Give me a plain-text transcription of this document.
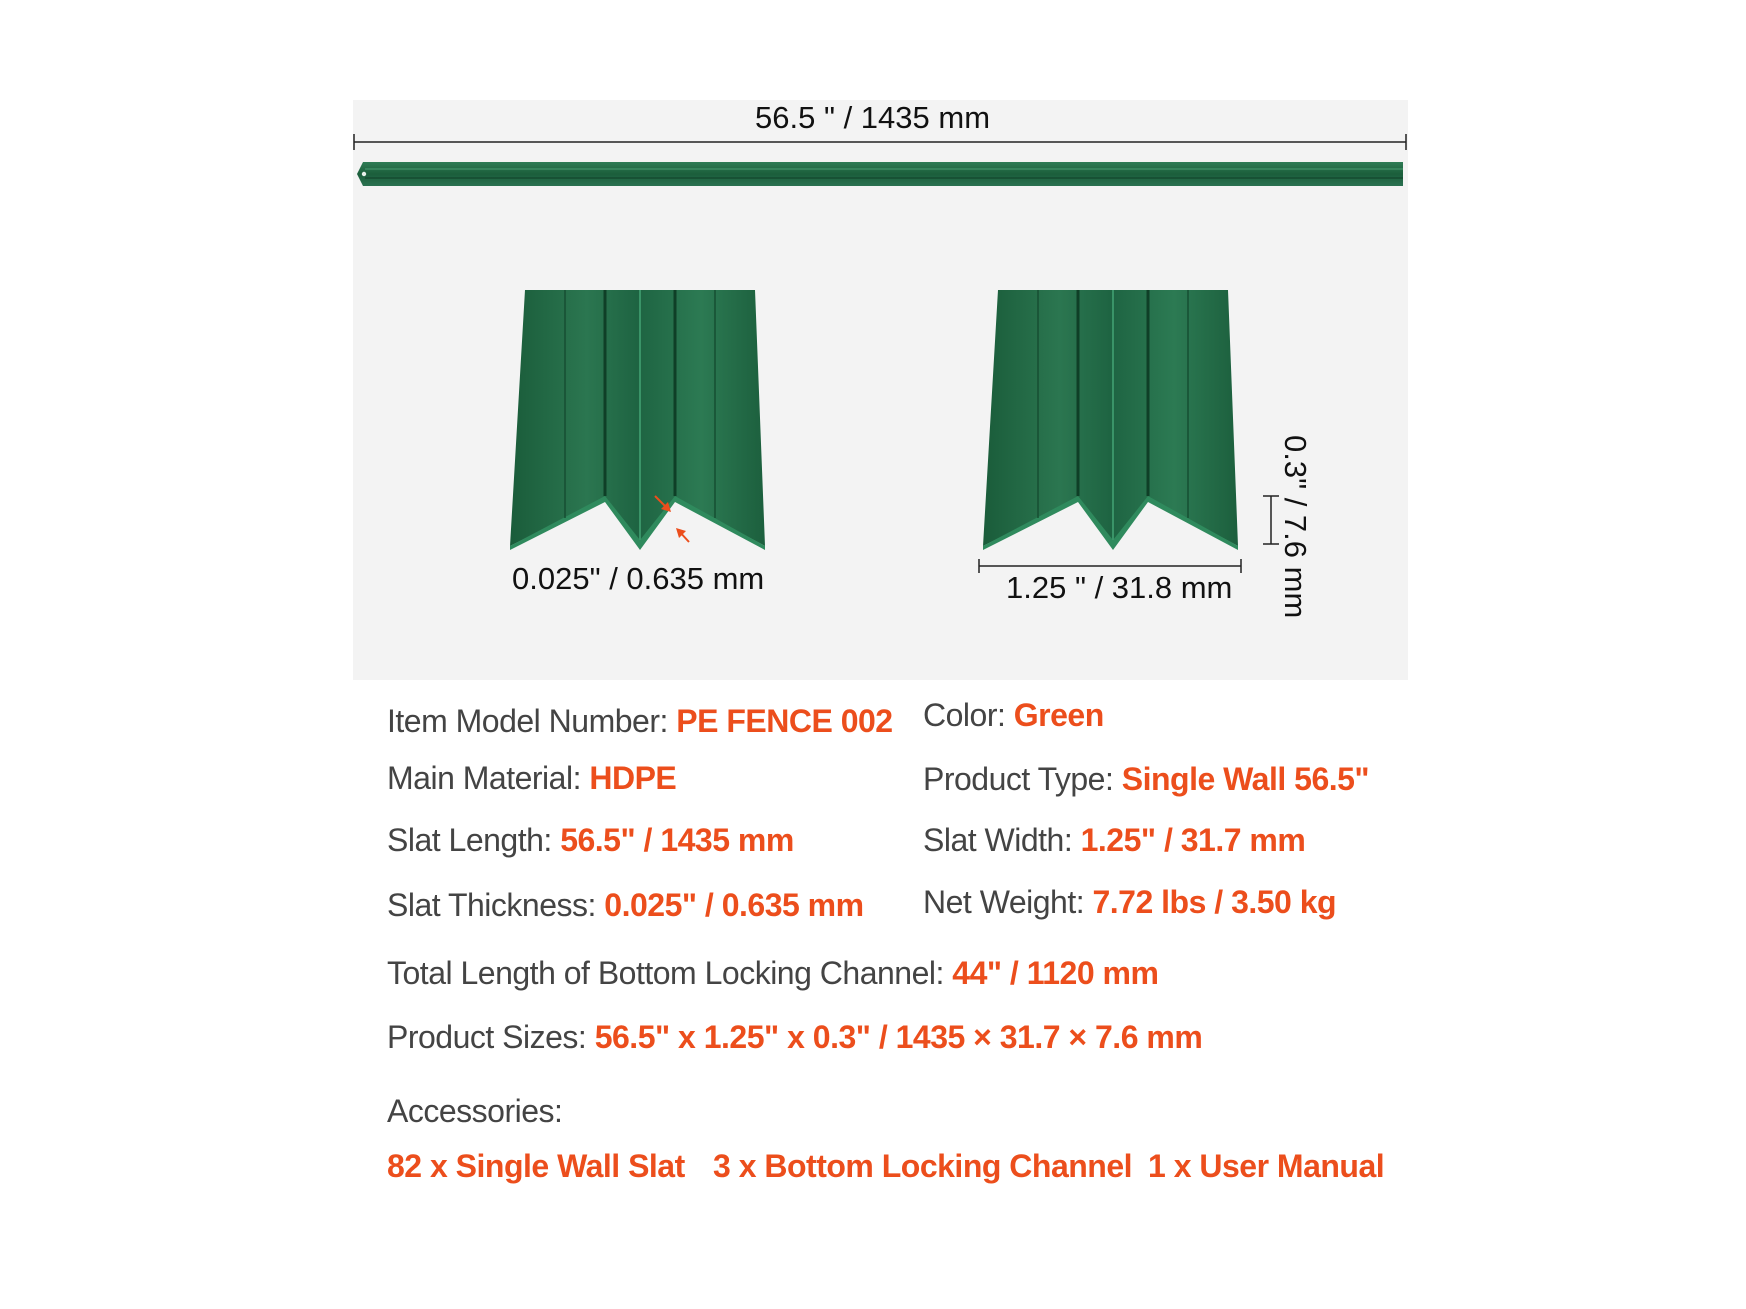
56.5 " / 1435 mm
0.025" / 0.635 mm	1.25 " / 31.8 mm 0.3" / 7.6 mm
Item Model Number: PE FENCE 002 Color: Green
Main Material: HDPE	Product Type: Single Wall 56.5"
Slat Length: 56.5" / 1435 mm	Slat Width: 1.25" / 31.7 mm
Slat Thickness: 0.025" / 0.635 mm Net Weight: 7.72 lbs / 3.50 kg
Total Length of Bottom Locking Channel: 44" / 1120 mm
Product Sizes: 56.5" x 1.25" x 0.3" / 1435 × 31.7 × 7.6 mm
Accessories:
82 x Single Wall Slat 3 x Bottom Locking Channel 1 x User Manual
